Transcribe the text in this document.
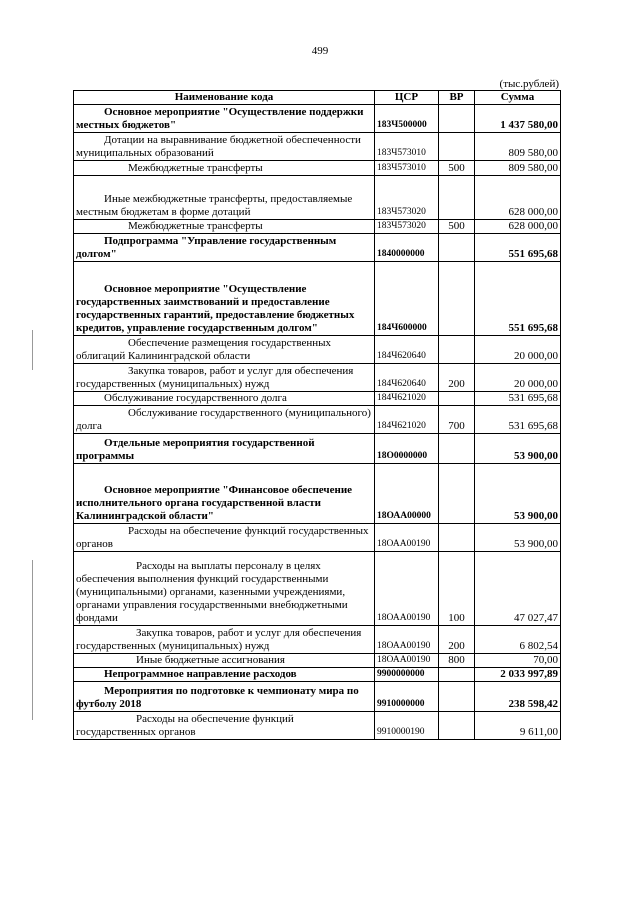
499
(тыс.рублей)
Наименование кода	ЦСР	ВР	Сумма
Основное мероприятие "Осуществление поддержки местных бюджетов"	183Ч500000		1 437 580,00
Дотации на выравнивание бюджетной обеспеченности муниципальных образований	183Ч573010		809 580,00
Межбюджетные трансферты	183Ч573010	500	809 580,00
Иные межбюджетные трансферты, предоставляемые местным бюджетам в форме дотаций	183Ч573020		628 000,00
Межбюджетные трансферты	183Ч573020	500	628 000,00
Подпрограмма "Управление государственным долгом"	1840000000		551 695,68
Основное мероприятие "Осуществление государственных заимствований и предоставление государственных гарантий, предоставление бюджетных кредитов, управление государственным долгом"	184Ч600000		551 695,68
Обеспечение размещения государственных облигаций Калининградской области	184Ч620640		20 000,00
Закупка товаров, работ и услуг для обеспечения государственных (муниципальных) нужд	184Ч620640	200	20 000,00
Обслуживание государственного долга	184Ч621020		531 695,68
Обслуживание государственного (муниципального) долга	184Ч621020	700	531 695,68
Отдельные мероприятия государственной программы	18О0000000		53 900,00
Основное мероприятие "Финансовое обеспечение исполнительного органа государственной власти Калининградской области"	18ОАА00000		53 900,00
Расходы на обеспечение функций государственных органов	18ОАА00190		53 900,00
Расходы на выплаты персоналу в целях обеспечения выполнения функций государственными (муниципальными) органами, казенными учреждениями, органами управления государственными внебюджетными фондами	18ОАА00190	100	47 027,47
Закупка товаров, работ и услуг для обеспечения государственных (муниципальных) нужд	18ОАА00190	200	6 802,54
Иные бюджетные ассигнования	18ОАА00190	800	70,00
Непрограммное направление расходов	9900000000		2 033 997,89
Мероприятия по подготовке к чемпионату мира по футболу 2018	9910000000		238 598,42
Расходы на обеспечение функций государственных органов	9910000190		9 611,00
